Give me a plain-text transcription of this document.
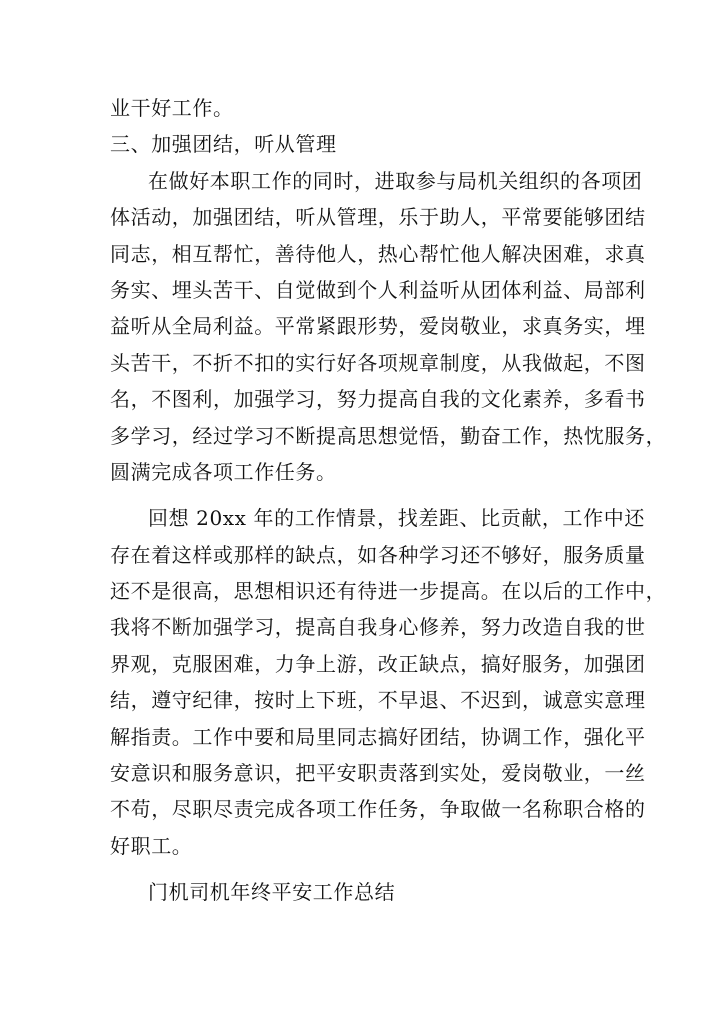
业干好工作。
三、加强团结，听从管理
在做好本职工作的同时，进取参与局机关组织的各项团
体活动，加强团结，听从管理，乐于助人，平常要能够团结
同志，相互帮忙，善待他人，热心帮忙他人解决困难，求真
务实、埋头苦干、自觉做到个人利益听从团体利益、局部利
益听从全局利益。平常紧跟形势，爱岗敬业，求真务实，埋
头苦干，不折不扣的实行好各项规章制度，从我做起，不图
名，不图利，加强学习，努力提高自我的文化素养，多看书
多学习，经过学习不断提高思想觉悟，勤奋工作，热忱服务，
圆满完成各项工作任务。
回想 20xx 年的工作情景，找差距、比贡献，工作中还
存在着这样或那样的缺点，如各种学习还不够好，服务质量
还不是很高，思想相识还有待进一步提高。在以后的工作中，
我将不断加强学习，提高自我身心修养，努力改造自我的世
界观，克服困难，力争上游，改正缺点，搞好服务，加强团
结，遵守纪律，按时上下班，不早退、不迟到，诚意实意理
解指责。工作中要和局里同志搞好团结，协调工作，强化平
安意识和服务意识，把平安职责落到实处，爱岗敬业，一丝
不苟，尽职尽责完成各项工作任务，争取做一名称职合格的
好职工。
门机司机年终平安工作总结
